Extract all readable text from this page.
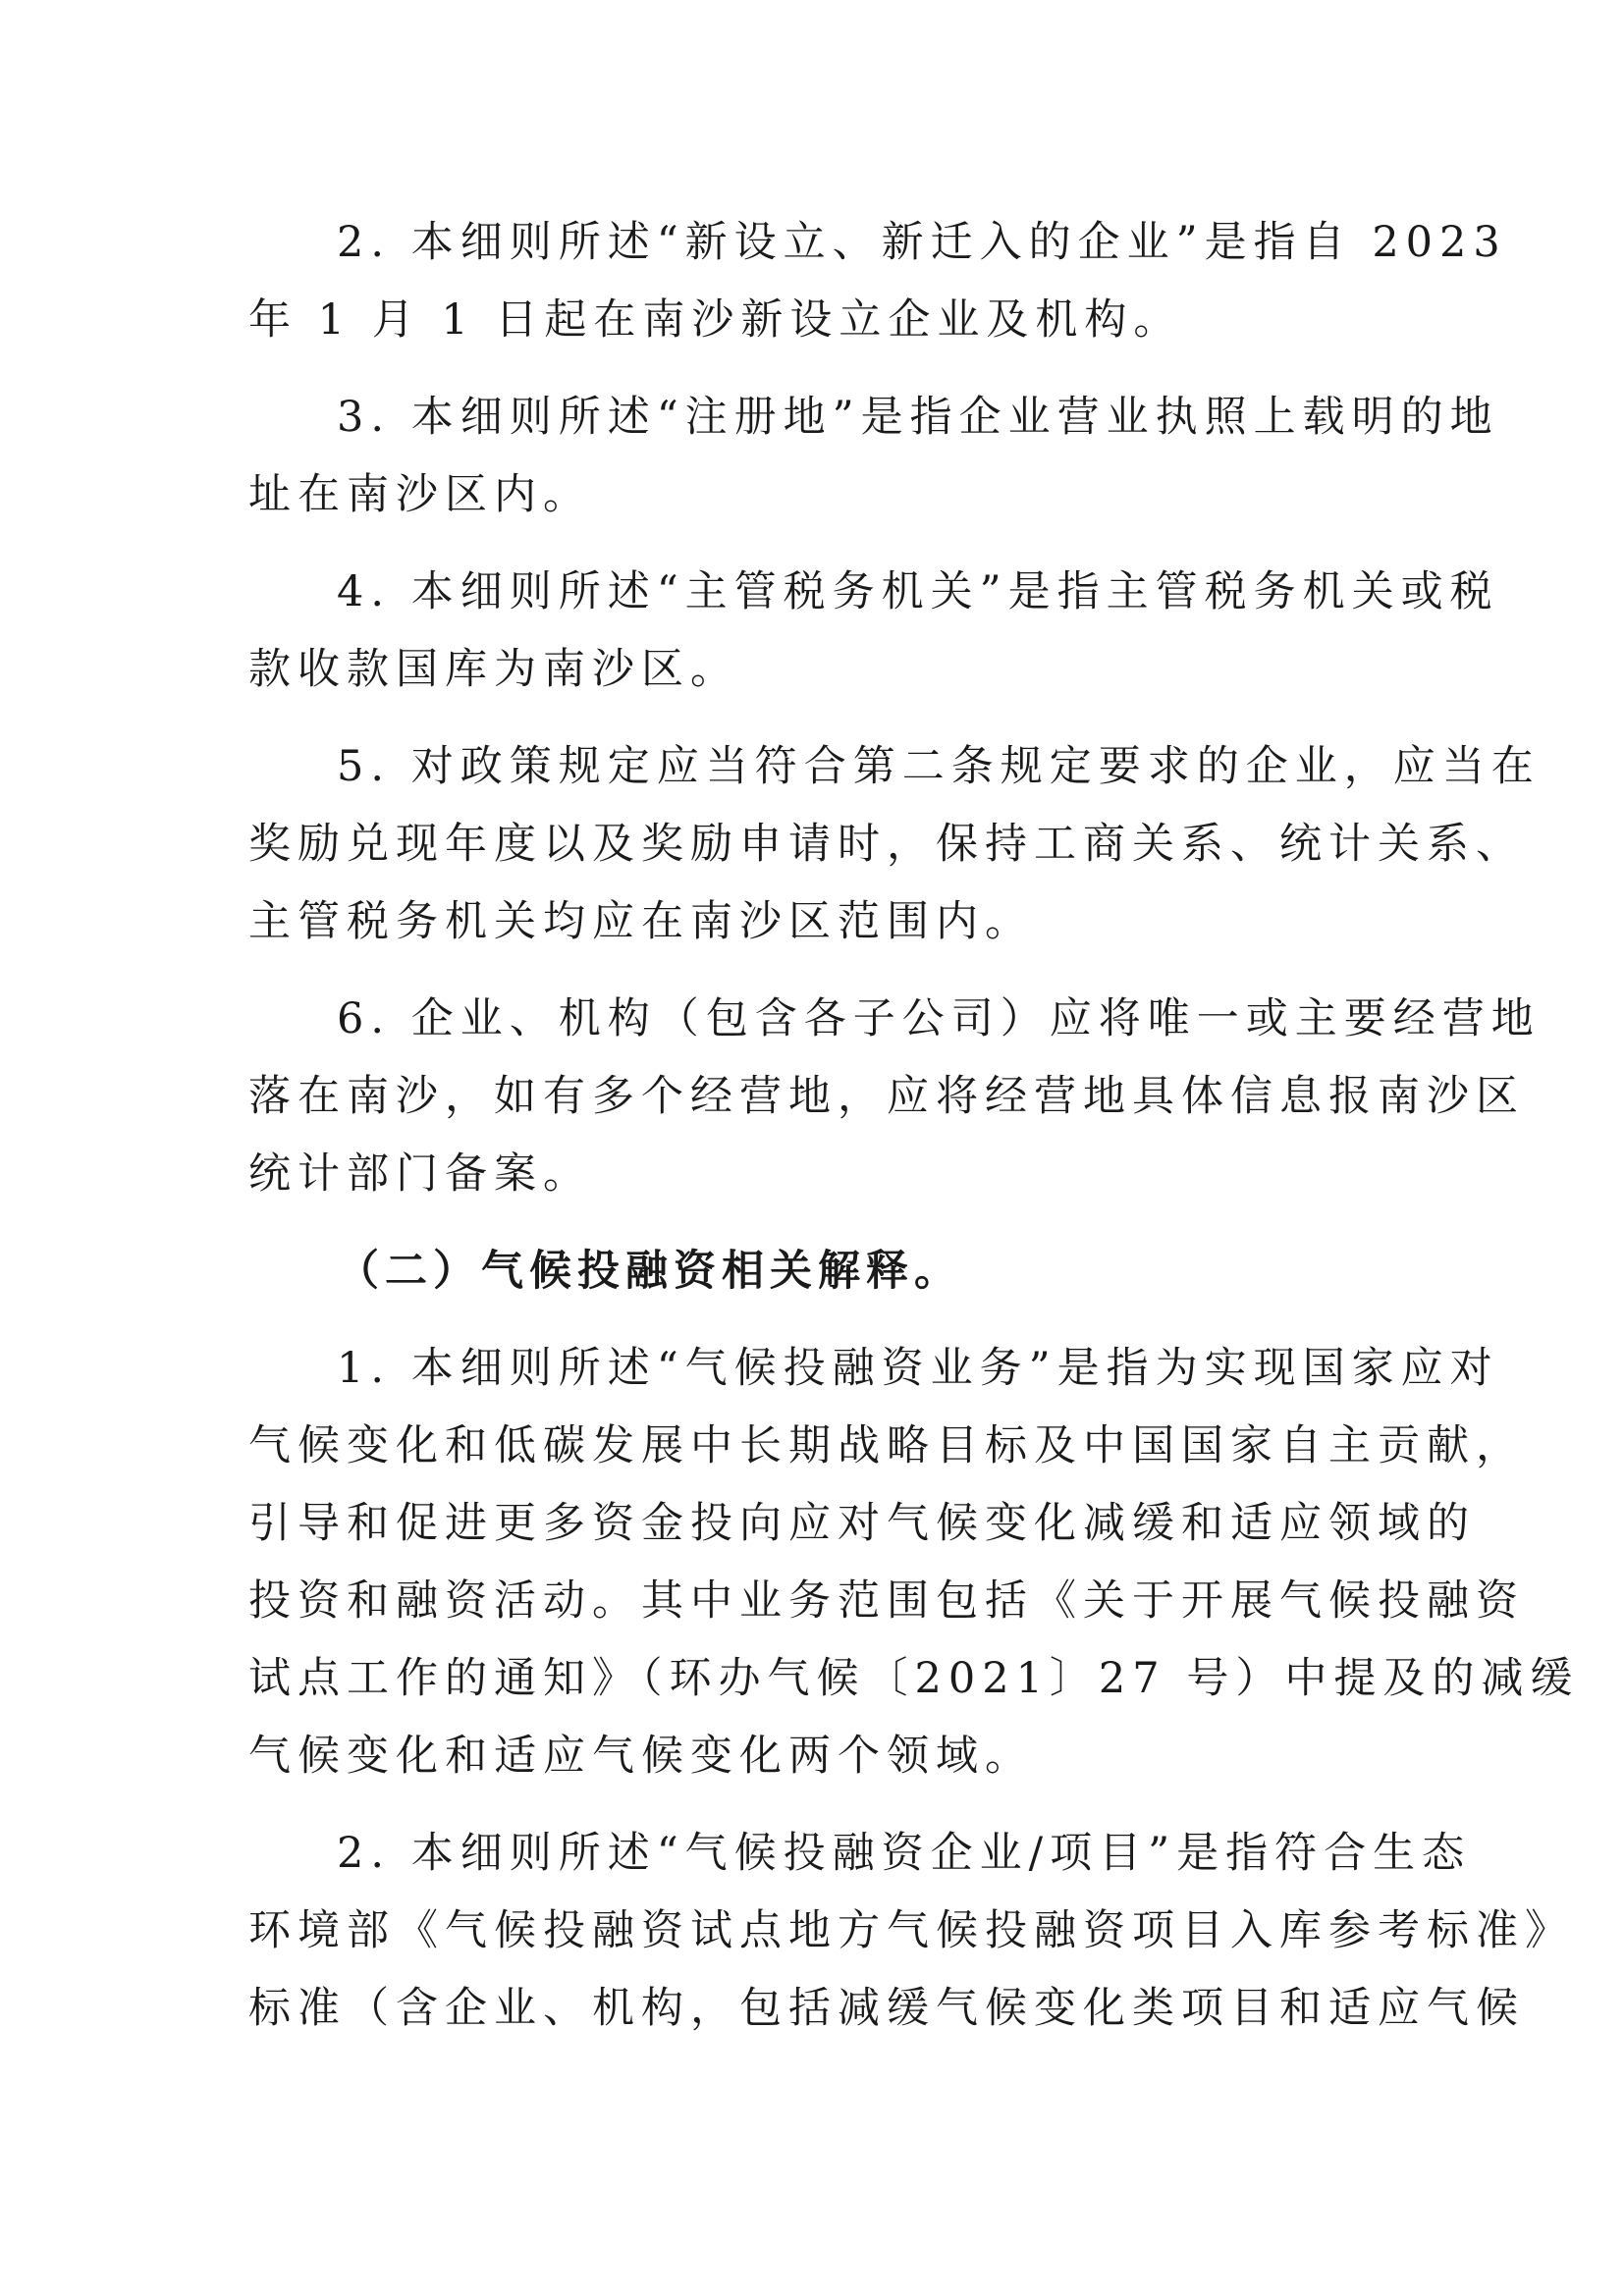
2. 本细则所述“新设立、新迁入的企业”是指自 2023
年 1 月 1 日起在南沙新设立企业及机构。
3. 本细则所述“注册地”是指企业营业执照上载明的地
址在南沙区内。
4. 本细则所述“主管税务机关”是指主管税务机关或税
款收款国库为南沙区。
5. 对政策规定应当符合第二条规定要求的企业，应当在
奖励兑现年度以及奖励申请时，保持工商关系、统计关系、
主管税务机关均应在南沙区范围内。
6. 企业、机构（包含各子公司）应将唯一或主要经营地
落在南沙，如有多个经营地，应将经营地具体信息报南沙区
统计部门备案。
（二）气候投融资相关解释。
1. 本细则所述“气候投融资业务”是指为实现国家应对
气候变化和低碳发展中长期战略目标及中国国家自主贡献，
引导和促进更多资金投向应对气候变化减缓和适应领域的
投资和融资活动。其中业务范围包括《关于开展气候投融资
试点工作的通知》（环办气候〔2021〕27 号）中提及的减缓
气候变化和适应气候变化两个领域。
2. 本细则所述“气候投融资企业/项目”是指符合生态
环境部《气候投融资试点地方气候投融资项目入库参考标准》
标准（含企业、机构，包括减缓气候变化类项目和适应气候
